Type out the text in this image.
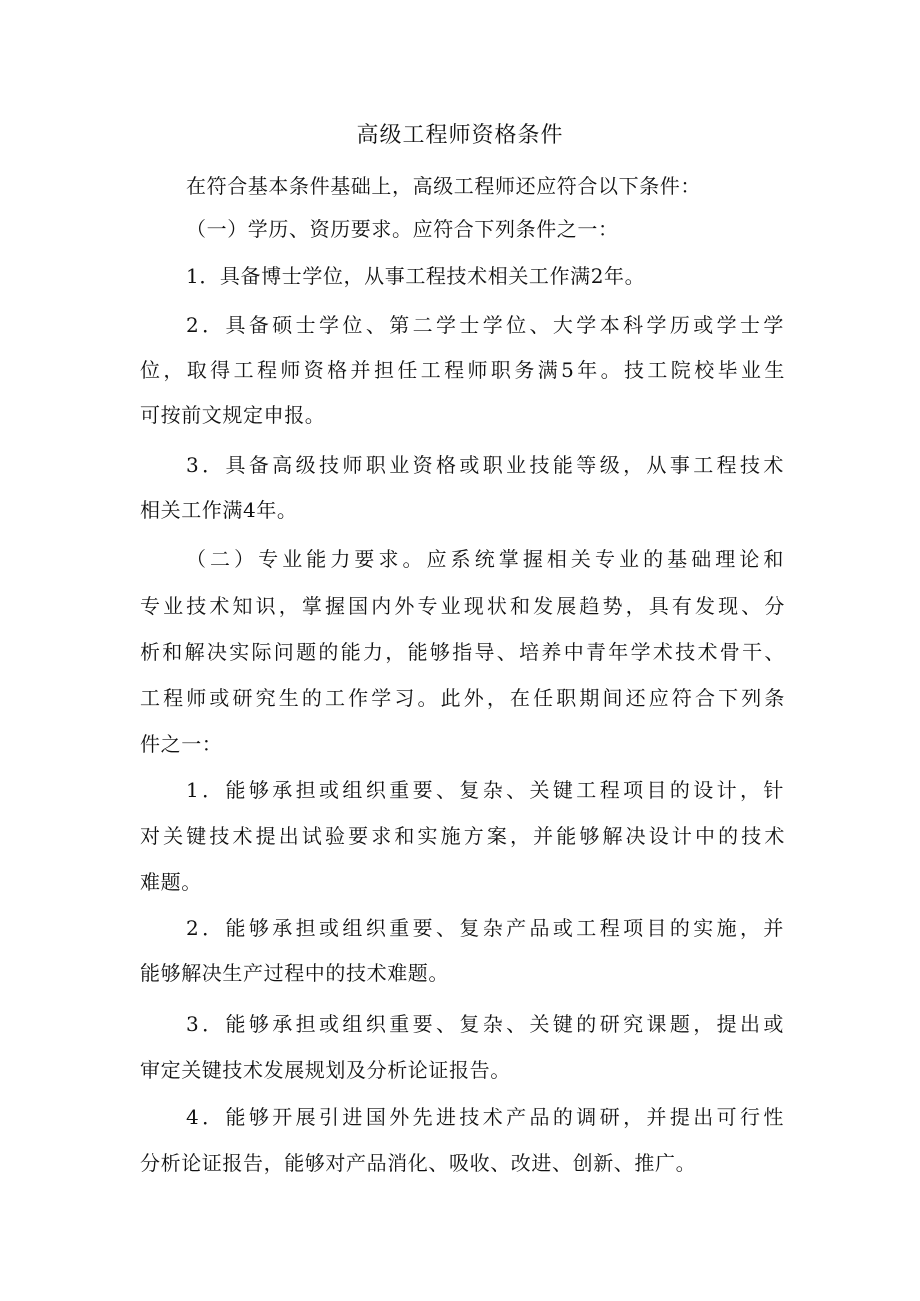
高级工程师资格条件
在符合基本条件基础上，高级工程师还应符合以下条件：
（一）学历、资历要求。应符合下列条件之一：
1．具备博士学位，从事工程技术相关工作满2年。
2．具备硕士学位、第二学士学位、大学本科学历或学士学
位，取得工程师资格并担任工程师职务满5年。技工院校毕业生
可按前文规定申报。
3．具备高级技师职业资格或职业技能等级，从事工程技术
相关工作满4年。
（二）专业能力要求。应系统掌握相关专业的基础理论和
专业技术知识，掌握国内外专业现状和发展趋势，具有发现、分
析和解决实际问题的能力，能够指导、培养中青年学术技术骨干、
工程师或研究生的工作学习。此外，在任职期间还应符合下列条
件之一：
1．能够承担或组织重要、复杂、关键工程项目的设计，针
对关键技术提出试验要求和实施方案，并能够解决设计中的技术
难题。
2．能够承担或组织重要、复杂产品或工程项目的实施，并
能够解决生产过程中的技术难题。
3．能够承担或组织重要、复杂、关键的研究课题，提出或
审定关键技术发展规划及分析论证报告。
4．能够开展引进国外先进技术产品的调研，并提出可行性
分析论证报告，能够对产品消化、吸收、改进、创新、推广。
